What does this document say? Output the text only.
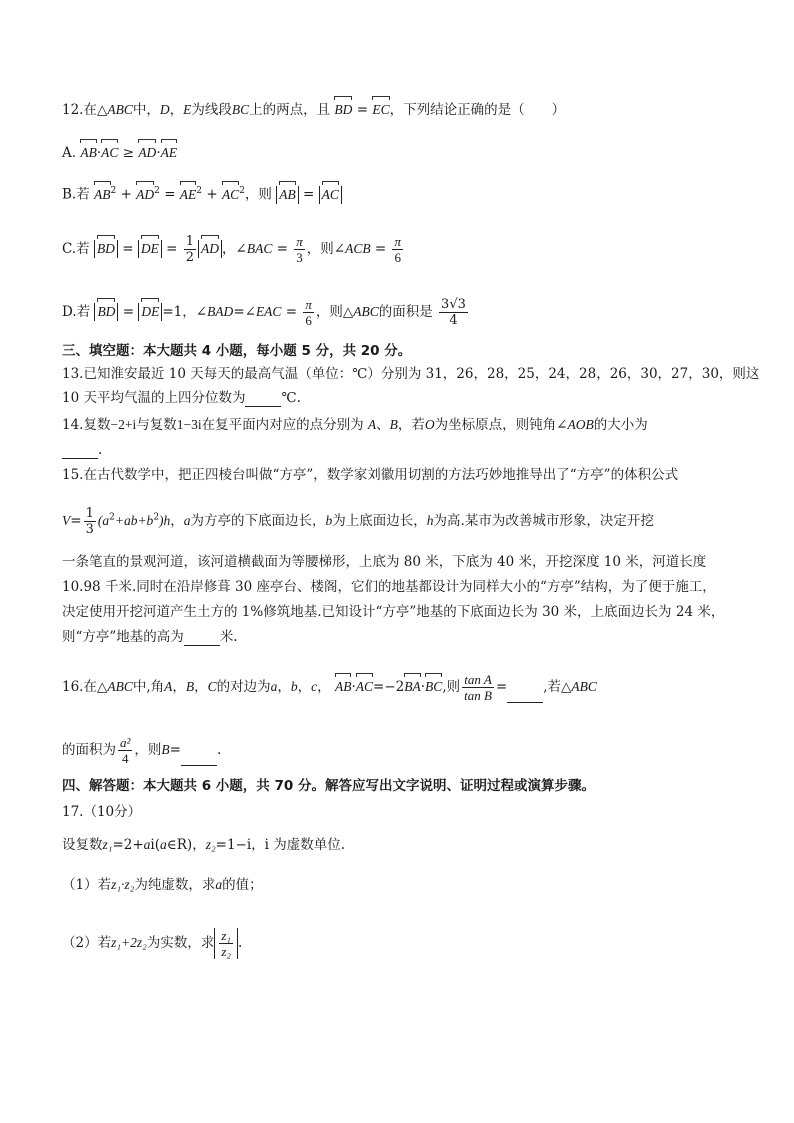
12.在△ABC中，D，E为线段BC上的两点，且 BD = EC，下列结论正确的是（　　）
A. AB·AC ≥ AD·AE
B.若 $AB^2 + AD^2 = AE^2 + AC^2$，则 AB = AC
C.若 BD = DE = $\frac{1}{2}$ AD ，∠BAC = $\frac{\pi}{3}$ ，则∠ACB = $\frac{\pi}{6}$
D.若 BD = DE =1，∠BAD=∠EAC = $\frac{\pi}{6}$ ，则△ABC的面积是 $\frac{3√3}{4}$
三、填空题：本大题共 4 小题，每小题 5 分，共 20 分。
13.已知淮安最近 10 天每天的最高气温（单位：℃）分别为 31，26，28，25，24，28，26，30，27，30，则这
10 天平均气温的上四分位数为	℃.
14.复数−2+i与复数1−3i在复平面内对应的点分别为 A、B，若O为坐标原点，则钝角∠AOB的大小为
.
15.在古代数学中，把正四棱台叫做“方亭”，数学家刘徽用切割的方法巧妙地推导出了“方亭”的体积公式
$V= \frac{1}{3} (a^2+ab+b^2)h$，a为方亭的下底面边长，b为上底面边长，h为高.某市为改善城市形象，决定开挖
一条笔直的景观河道，该河道横截面为等腰梯形，上底为 80 米，下底为 40 米，开挖深度 10 米，河道长度
10.98 千米.同时在沿岸修葺 30 座亭台、楼阁，它们的地基都设计为同样大小的“方亭”结构，为了便于施工，
决定使用开挖河道产生土方的 1%修筑地基.已知设计“方亭”地基的下底面边长为 30 米，上底面边长为 24 米，
则“方亭”地基的高为	米.
16.在△ABC中,角A，B，C的对边为a，b，c， AB·AC=−2BA·BC,则 $\frac{\text{tan A}}{\text{tan B}}$ =	,若△ABC
的面积为 $\frac{\text{a²}}{4}$ ，则B=	.
四、解答题：本大题共 6 小题，共 70 分。解答应写出文字说明、证明过程或演算步骤。
17.（10分）
设复数z₁=2+ai(a∈R)，z₂=1−i，i 为虚数单位.
（1）若z₁·z₂为纯虚数，求a的值；
（2）若z₁+2z₂为实数，求 $\frac{\text{z₁}}{\text{z₂}}$ .
